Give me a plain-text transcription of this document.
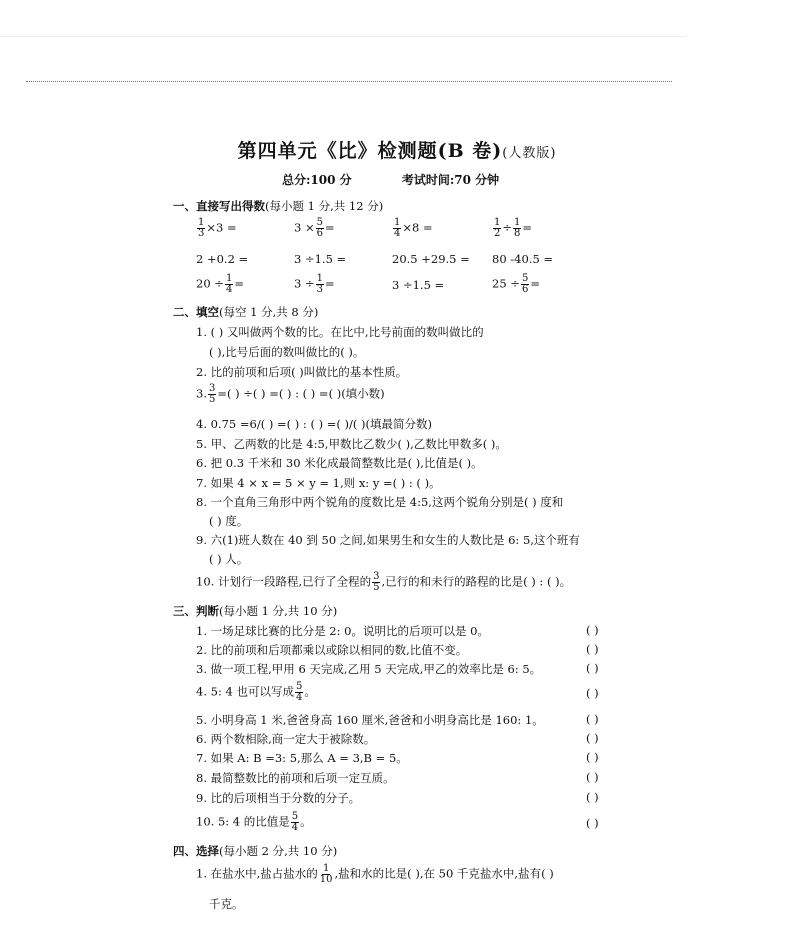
第四单元《比》检测题(B 卷)(人教版)
总分:100 分	考试时间:70 分钟
一、直接写出得数(每小题 1 分,共 12 分)
$\frac{1}{3} \times 3$ =	$3 \times \frac{5}{6}$ =	$\frac{1}{4} \times 8$ =	$\frac{1}{2} \div \frac{1}{8}$ =
2 +0.2 =	3 ÷1.5 =	20.5 +29.5 = 80 -40.5 =
$20 \div \frac{1}{4}$ =	$3 \div \frac{1}{3}$ =	3 ÷1.5 =	$25 \div \frac{5}{6}$ =
二、填空(每空 1 分,共 8 分)
1. ( ) 又叫做两个数的比。在比中,比号前面的数叫做比的
( ),比号后面的数叫做比的( )。
2. 比的前项和后项( )叫做比的基本性质。
3. $\frac{3}{5}$ =( ) ÷( ) =( ) : ( ) =( )(填小数)
4. 0.75 =6/( ) =( ) : ( ) =( )/( )(填最简分数)
5. 甲、乙两数的比是 4:5,甲数比乙数少( ),乙数比甲数多( )。
6. 把 0.3 千米和 30 米化成最简整数比是( ),比值是( )。
7. 如果 4 × x = 5 × y = 1,则 x: y =( ) : ( )。
8. 一个直角三角形中两个锐角的度数比是 4:5,这两个锐角分别是( ) 度和
( ) 度。
9. 六(1)班人数在 40 到 50 之间,如果男生和女生的人数比是 6: 5,这个班有
( ) 人。
10. 计划行一段路程,已行了全程的 $\frac{3}{5}$ ,已行的和未行的路程的比是( ) : ( )。
三、判断(每小题 1 分,共 10 分)
1. 一场足球比赛的比分是 2: 0。说明比的后项可以是 0。	( )
2. 比的前项和后项都乘以或除以相同的数,比值不变。	( )
3. 做一项工程,甲用 6 天完成,乙用 5 天完成,甲乙的效率比是 6: 5。	( )
4. 5: 4 也可以写成 $\frac{5}{4}$ 。	( )
5. 小明身高 1 米,爸爸身高 160 厘米,爸爸和小明身高比是 160: 1。	( )
6. 两个数相除,商一定大于被除数。	( )
7. 如果 A: B =3: 5,那么 A = 3,B = 5。	( )
8. 最简整数比的前项和后项一定互质。	( )
9. 比的后项相当于分数的分子。	( )
10. 5: 4 的比值是 $\frac{5}{4}$ 。	( )
四、选择(每小题 2 分,共 10 分)
1. 在盐水中,盐占盐水的 $\frac{1}{10}$ ,盐和水的比是( ),在 50 千克盐水中,盐有( )
千克。
